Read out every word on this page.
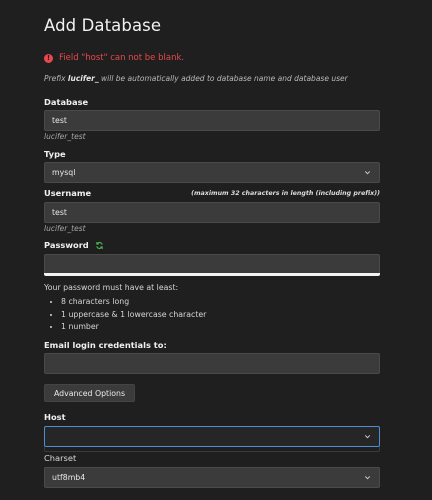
Add Database
!	Field "host" can not be blank.
Prefix lucifer_ will be automatically added to database name and database user
Database
test
lucifer_test
Type
mysql
Username	(maximum 32 characters in length (including prefix))
test
lucifer_test
Password
Your password must have at least:
• 8 characters long
• 1 uppercase & 1 lowercase character
• 1 number
Email login credentials to:
Advanced Options
Host
Charset
utf8mb4
